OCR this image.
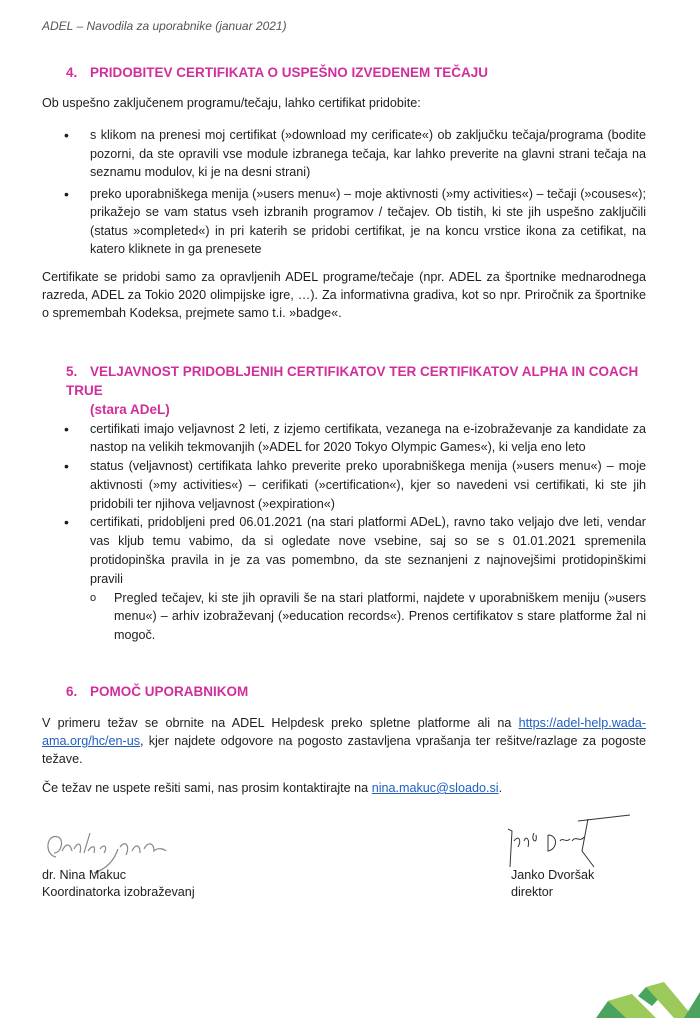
ADEL – Navodila za uporabnike (januar 2021)
4. PRIDOBITEV CERTIFIKATA O USPEŠNO IZVEDENEM TEČAJU
Ob uspešno zaključenem programu/tečaju, lahko certifikat pridobite:
• s klikom na prenesi moj certifikat (»download my cerificate«) ob zaključku tečaja/programa (bodite pozorni, da ste opravili vse module izbranega tečaja, kar lahko preverite na glavni strani tečaja na seznamu modulov, ki je na desni strani)
• preko uporabniškega menija (»users menu«) – moje aktivnosti (»my activities«) – tečaji (»couses«); prikažejo se vam status vseh izbranih programov / tečajev. Ob tistih, ki ste jih uspešno zaključili (status »completed«) in pri katerih se pridobi certifikat, je na koncu vrstice ikona za cetifikat, na katero kliknete in ga prenesete
Certifikate se pridobi samo za opravljenih ADEL programe/tečaje (npr. ADEL za športnike mednarodnega razreda, ADEL za Tokio 2020 olimpijske igre, …). Za informativna gradiva, kot so npr. Priročnik za športnike o spremembah Kodeksa, prejmete samo t.i. »badge«.
5. VELJAVNOST PRIDOBLJENIH CERTIFIKATOV TER CERTIFIKATOV ALPHA IN COACH TRUE
(stara ADeL)
• certifikati imajo veljavnost 2 leti, z izjemo certifikata, vezanega na e-izobraževanje za kandidate za nastop na velikih tekmovanjih (»ADEL for 2020 Tokyo Olympic Games«), ki velja eno leto
• status (veljavnost) certifikata lahko preverite preko uporabniškega menija (»users menu«) – moje aktivnosti (»my activities«) – cerifikati (»certification«), kjer so navedeni vsi certifikati, ki ste jih pridobili ter njihova veljavnost (»expiration«)
• certifikati, pridobljeni pred 06.01.2021 (na stari platformi ADeL), ravno tako veljajo dve leti, vendar vas kljub temu vabimo, da si ogledate nove vsebine, saj so se s 01.01.2021 spremenila protidopinška pravila in je za vas pomembno, da ste seznanjeni z najnovejšimi protidopinškimi pravili
o Pregled tečajev, ki ste jih opravili še na stari platformi, najdete v uporabniškem meniju (»users menu«) – arhiv izobraževanj (»education records«). Prenos certifikatov s stare platforme žal ni mogoč.
6. POMOČ UPORABNIKOM
V primeru težav se obrnite na ADEL Helpdesk preko spletne platforme ali na https://adel-help.wada-ama.org/hc/en-us, kjer najdete odgovore na pogosto zastavljena vprašanja ter rešitve/razlage za pogoste težave.
Če težav ne uspete rešiti sami, nas prosim kontaktirajte na nina.makuc@sloado.si.
dr. Nina Makuc
Koordinatorka izobraževanj
Janko Dvoršak
direktor
